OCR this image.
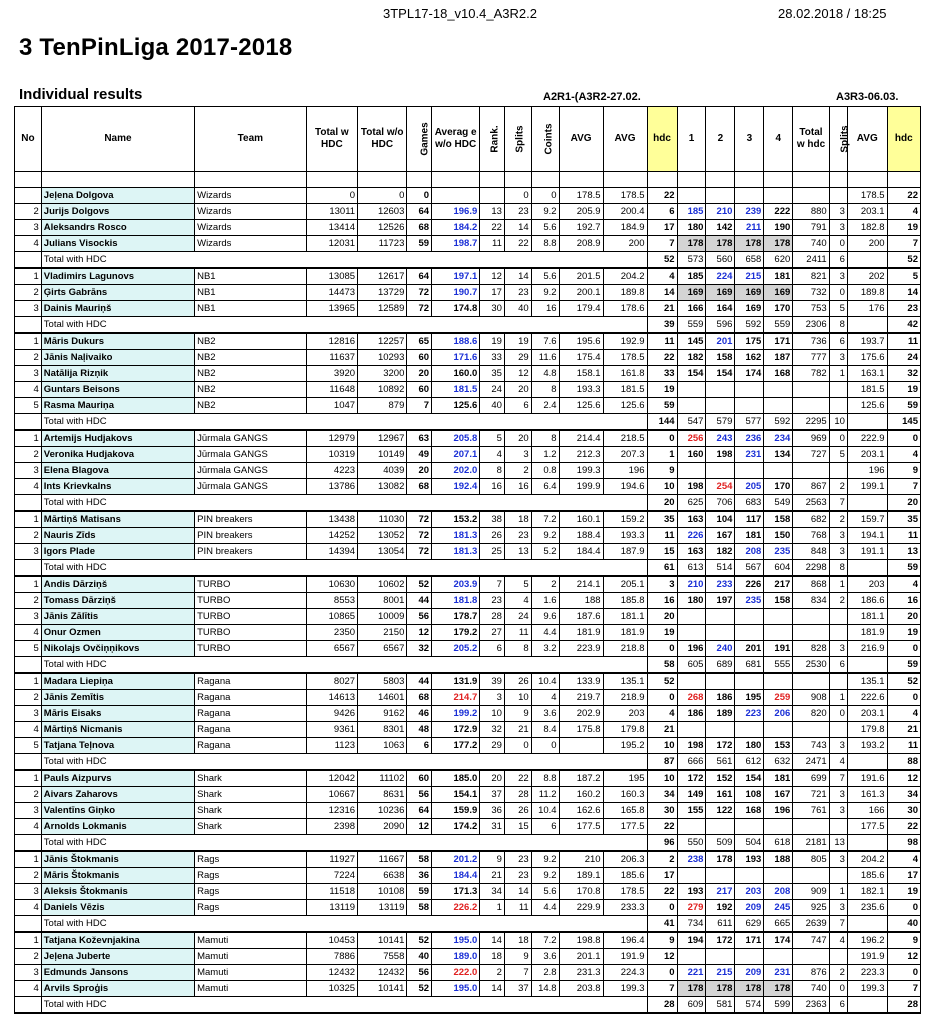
3TPL17-18_v10.4_A3R2.2	28.02.2018 / 18:25
3 TenPinLiga 2017-2018
Individual results	A2R1-(A3R2-27.02.	A3R3-06.03.
No	Name	Team	Total w HDC	Total w/o HDC	Games	Averag e w/o HDC	Rank.	Splits	Coints	AVG	AVG	hdc	1	2	3	4	Total w hdc	Splits	AVG	hdc

	Jeļena Dolgova	Wizards	0	0	0			0	0	178.5	178.5	22							178.5	22
2	Jurijs Dolgovs	Wizards	13011	12603	64	196.9	13	23	9.2	205.9	200.4	6	185	210	239	222	880	3	203.1	4
3	Aleksandrs Rosco	Wizards	13414	12526	68	184.2	22	14	5.6	192.7	184.9	17	180	142	211	190	791	3	182.8	19
4	Julians Visockis	Wizards	12031	11723	59	198.7	11	22	8.8	208.9	200	7	178	178	178	178	740	0	200	7
	Total with HDC											52	573	560	658	620	2411	6		52
1	Vladimirs Lagunovs	NB1	13085	12617	64	197.1	12	14	5.6	201.5	204.2	4	185	224	215	181	821	3	202	5
2	Ģirts Gabrāns	NB1	14473	13729	72	190.7	17	23	9.2	200.1	189.8	14	169	169	169	169	732	0	189.8	14
3	Dainis Mauriņš	NB1	13965	12589	72	174.8	30	40	16	179.4	178.6	21	166	164	169	170	753	5	176	23
	Total with HDC											39	559	596	592	559	2306	8		42
1	Māris Dukurs	NB2	12816	12257	65	188.6	19	19	7.6	195.6	192.9	11	145	201	175	171	736	6	193.7	11
2	Jānis Naļivaiko	NB2	11637	10293	60	171.6	33	29	11.6	175.4	178.5	22	182	158	162	187	777	3	175.6	24
3	Natālija Rizņik	NB2	3920	3200	20	160.0	35	12	4.8	158.1	161.8	33	154	154	174	168	782	1	163.1	32
4	Guntars Beisons	NB2	11648	10892	60	181.5	24	20	8	193.3	181.5	19							181.5	19
5	Rasma Mauriņa	NB2	1047	879	7	125.6	40	6	2.4	125.6	125.6	59							125.6	59
	Total with HDC											144	547	579	577	592	2295	10		145
1	Artemijs Hudjakovs	Jūrmala GANGS	12979	12967	63	205.8	5	20	8	214.4	218.5	0	256	243	236	234	969	0	222.9	0
2	Veronika Hudjakova	Jūrmala GANGS	10319	10149	49	207.1	4	3	1.2	212.3	207.3	1	160	198	231	134	727	5	203.1	4
3	Elena Blagova	Jūrmala GANGS	4223	4039	20	202.0	8	2	0.8	199.3	196	9							196	9
4	Ints Krievkalns	Jūrmala GANGS	13786	13082	68	192.4	16	16	6.4	199.9	194.6	10	198	254	205	170	867	2	199.1	7
	Total with HDC											20	625	706	683	549	2563	7		20
1	Mārtiņš Matisans	PIN breakers	13438	11030	72	153.2	38	18	7.2	160.1	159.2	35	163	104	117	158	682	2	159.7	35
2	Nauris Zīds	PIN breakers	14252	13052	72	181.3	26	23	9.2	188.4	193.3	11	226	167	181	150	768	3	194.1	11
3	Igors Plade	PIN breakers	14394	13054	72	181.3	25	13	5.2	184.4	187.9	15	163	182	208	235	848	3	191.1	13
	Total with HDC											61	613	514	567	604	2298	8		59
1	Andis Dārziņš	TURBO	10630	10602	52	203.9	7	5	2	214.1	205.1	3	210	233	226	217	868	1	203	4
2	Tomass Dārziņš	TURBO	8553	8001	44	181.8	23	4	1.6	188	185.8	16	180	197	235	158	834	2	186.6	16
3	Jānis Zālītis	TURBO	10865	10009	56	178.7	28	24	9.6	187.6	181.1	20							181.1	20
4	Onur Ozmen	TURBO	2350	2150	12	179.2	27	11	4.4	181.9	181.9	19							181.9	19
5	Nikolajs Ovčiņņikovs	TURBO	6567	6567	32	205.2	6	8	3.2	223.9	218.8	0	196	240	201	191	828	3	216.9	0
	Total with HDC											58	605	689	681	555	2530	6		59
1	Madara Liepiņa	Ragana	8027	5803	44	131.9	39	26	10.4	133.9	135.1	52							135.1	52
2	Jānis Zemītis	Ragana	14613	14601	68	214.7	3	10	4	219.7	218.9	0	268	186	195	259	908	1	222.6	0
3	Māris Eisaks	Ragana	9426	9162	46	199.2	10	9	3.6	202.9	203	4	186	189	223	206	820	0	203.1	4
4	Mārtiņš Nicmanis	Ragana	9361	8301	48	172.9	32	21	8.4	175.8	179.8	21							179.8	21
5	Tatjana Teļnova	Ragana	1123	1063	6	177.2	29	0	0		195.2	10	198	172	180	153	743	3	193.2	11
	Total with HDC											87	666	561	612	632	2471	4		88
1	Pauls Aizpurvs	Shark	12042	11102	60	185.0	20	22	8.8	187.2	195	10	172	152	154	181	699	7	191.6	12
2	Aivars Zaharovs	Shark	10667	8631	56	154.1	37	28	11.2	160.2	160.3	34	149	161	108	167	721	3	161.3	34
3	Valentīns Giņko	Shark	12316	10236	64	159.9	36	26	10.4	162.6	165.8	30	155	122	168	196	761	3	166	30
4	Arnolds Lokmanis	Shark	2398	2090	12	174.2	31	15	6	177.5	177.5	22							177.5	22
	Total with HDC											96	550	509	504	618	2181	13		98
1	Jānis Štokmanis	Rags	11927	11667	58	201.2	9	23	9.2	210	206.3	2	238	178	193	188	805	3	204.2	4
2	Māris Štokmanis	Rags	7224	6638	36	184.4	21	23	9.2	189.1	185.6	17							185.6	17
3	Aleksis Štokmanis	Rags	11518	10108	59	171.3	34	14	5.6	170.8	178.5	22	193	217	203	208	909	1	182.1	19
4	Daniels Vēzis	Rags	13119	13119	58	226.2	1	11	4.4	229.9	233.3	0	279	192	209	245	925	3	235.6	0
	Total with HDC											41	734	611	629	665	2639	7		40
1	Tatjana Koževnjakina	Mamuti	10453	10141	52	195.0	14	18	7.2	198.8	196.4	9	194	172	171	174	747	4	196.2	9
2	Jeļena Juberte	Mamuti	7886	7558	40	189.0	18	9	3.6	201.1	191.9	12							191.9	12
3	Edmunds Jansons	Mamuti	12432	12432	56	222.0	2	7	2.8	231.3	224.3	0	221	215	209	231	876	2	223.3	0
4	Arvils Sproģis	Mamuti	10325	10141	52	195.0	14	37	14.8	203.8	199.3	7	178	178	178	178	740	0	199.3	7
	Total with HDC											28	609	581	574	599	2363	6		28
